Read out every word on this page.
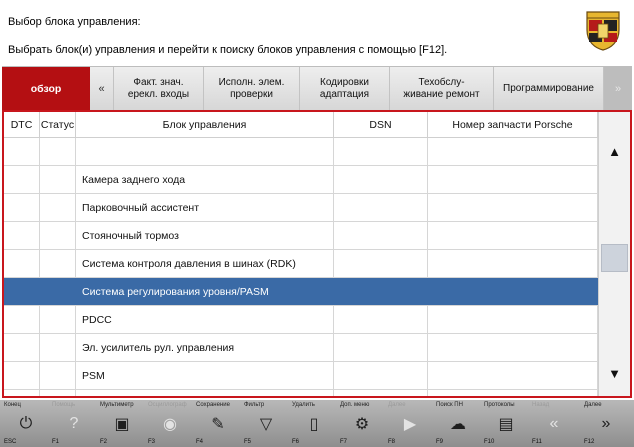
Выбор блока управления:
Выбрать блок(и) управления и перейти к поиску блоков управления с помощью [F12].
обзор	«
Факт. знач.
ерекл. входы
Исполн. элем.
проверки
Кодировки
адаптация
Техобслу-
живание ремонт
Программирование »
DTC Статус	Блок управления	DSN	Номер запчасти Porsche
Камера заднего хода
Парковочный ассистент
Стояночный тормоз
Система контроля давления в шинах (RDK)
Система регулирования уровня/PASM
PDCC
Эл. усилитель рул. управления
PSM
▲
▼
Конец
⏻
ESC
Помощь
?
F1
Мультиметр
▣
F2
Осциллограф
◉
F3
Сохранение
✎
F4
Фильтр
▽
F5
Удалить
▯
F6
Доп. меню
⚙
F7
Далее
▶
F8
Поиск ПН
☁
F9
Протоколы
▤
F10
Назад
«
F11
Далее
»
F12
